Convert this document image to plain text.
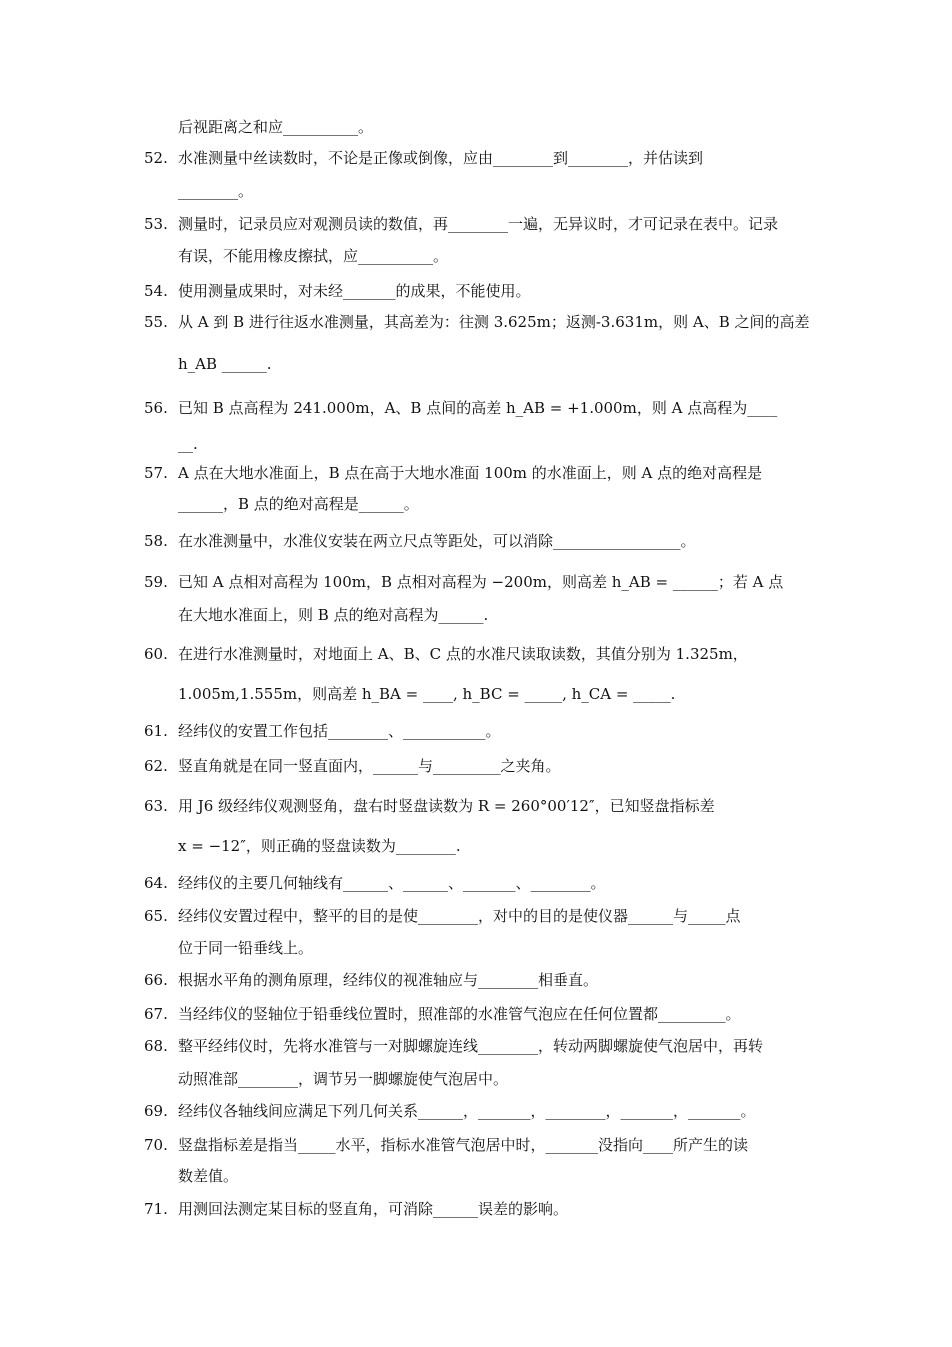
后视距离之和应__________。
52. 水准测量中丝读数时，不论是正像或倒像，应由________到________，并估读到
________。
53. 测量时，记录员应对观测员读的数值，再________一遍，无异议时，才可记录在表中。记录
有误，不能用橡皮擦拭，应__________。
54. 使用测量成果时，对未经_______的成果，不能使用。
55. 从 A 到 B 进行往返水准测量，其高差为：往测 3.625m；返测-3.631m，则 A、B 之间的高差
h_AB ______.
56. 已知 B 点高程为 241.000m，A、B 点间的高差 h_AB = +1.000m，则 A 点高程为____
__.
57. A 点在大地水准面上，B 点在高于大地水准面 100m 的水准面上，则 A 点的绝对高程是
______，B 点的绝对高程是______。
58. 在水准测量中，水准仪安装在两立尺点等距处，可以消除_________________。
59. 已知 A 点相对高程为 100m，B 点相对高程为 −200m，则高差 h_AB = ______；若 A 点
在大地水准面上，则 B 点的绝对高程为______.
60. 在进行水准测量时，对地面上 A、B、C 点的水准尺读取读数，其值分别为 1.325m，
1.005m,1.555m，则高差 h_BA = ____, h_BC = _____, h_CA = _____.
61. 经纬仪的安置工作包括________、___________。
62. 竖直角就是在同一竖直面内，______与_________之夹角。
63. 用 J6 级经纬仪观测竖角，盘右时竖盘读数为 R = 260°00′12″，已知竖盘指标差
x = −12″，则正确的竖盘读数为________.
64. 经纬仪的主要几何轴线有______、______、_______、________。
65. 经纬仪安置过程中，整平的目的是使________，对中的目的是使仪器______与_____点
位于同一铅垂线上。
66. 根据水平角的测角原理，经纬仪的视准轴应与________相垂直。
67. 当经纬仪的竖轴位于铅垂线位置时，照准部的水准管气泡应在任何位置都_________。
68. 整平经纬仪时，先将水准管与一对脚螺旋连线________，转动两脚螺旋使气泡居中，再转
动照准部________，调节另一脚螺旋使气泡居中。
69. 经纬仪各轴线间应满足下列几何关系______，_______，________，_______，_______。
70. 竖盘指标差是指当_____水平，指标水准管气泡居中时，_______没指向____所产生的读
数差值。
71. 用测回法测定某目标的竖直角，可消除______误差的影响。
